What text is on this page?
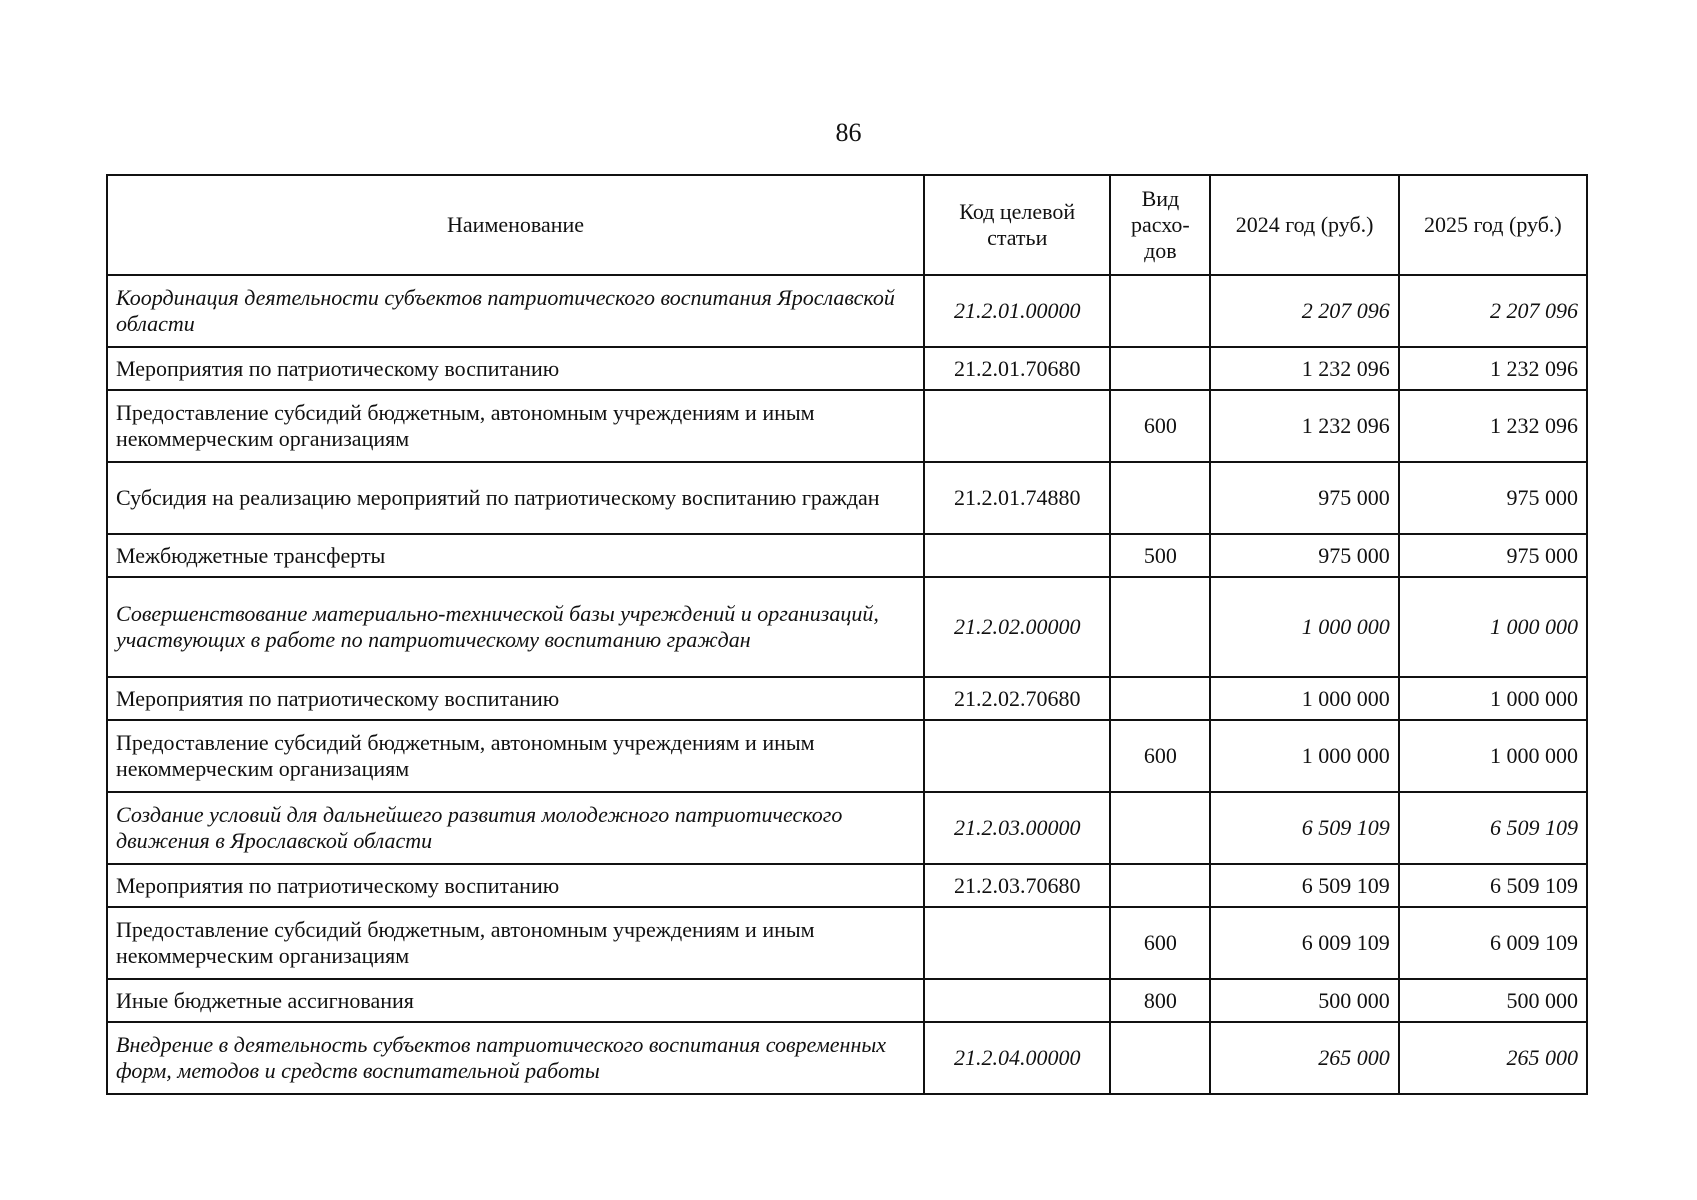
86
Наименование	Код целевой статьи	Вид расхо-дов	2024 год (руб.)	2025 год (руб.)
Координация деятельности субъектов патриотического воспитания Ярославской области	21.2.01.00000		2 207 096	2 207 096
Мероприятия по патриотическому воспитанию	21.2.01.70680		1 232 096	1 232 096
Предоставление субсидий бюджетным, автономным учреждениям и иным некоммерческим организациям		600	1 232 096	1 232 096
Субсидия на реализацию мероприятий по патриотическому воспитанию граждан	21.2.01.74880		975 000	975 000
Межбюджетные трансферты		500	975 000	975 000
Совершенствование материально-технической базы учреждений и организаций, участвующих в работе по патриотическому воспитанию граждан	21.2.02.00000		1 000 000	1 000 000
Мероприятия по патриотическому воспитанию	21.2.02.70680		1 000 000	1 000 000
Предоставление субсидий бюджетным, автономным учреждениям и иным некоммерческим организациям		600	1 000 000	1 000 000
Создание условий для дальнейшего развития молодежного патриотического движения в Ярославской области	21.2.03.00000		6 509 109	6 509 109
Мероприятия по патриотическому воспитанию	21.2.03.70680		6 509 109	6 509 109
Предоставление субсидий бюджетным, автономным учреждениям и иным некоммерческим организациям		600	6 009 109	6 009 109
Иные бюджетные ассигнования		800	500 000	500 000
Внедрение в деятельность субъектов патриотического воспитания современных форм, методов и средств воспитательной работы	21.2.04.00000		265 000	265 000
